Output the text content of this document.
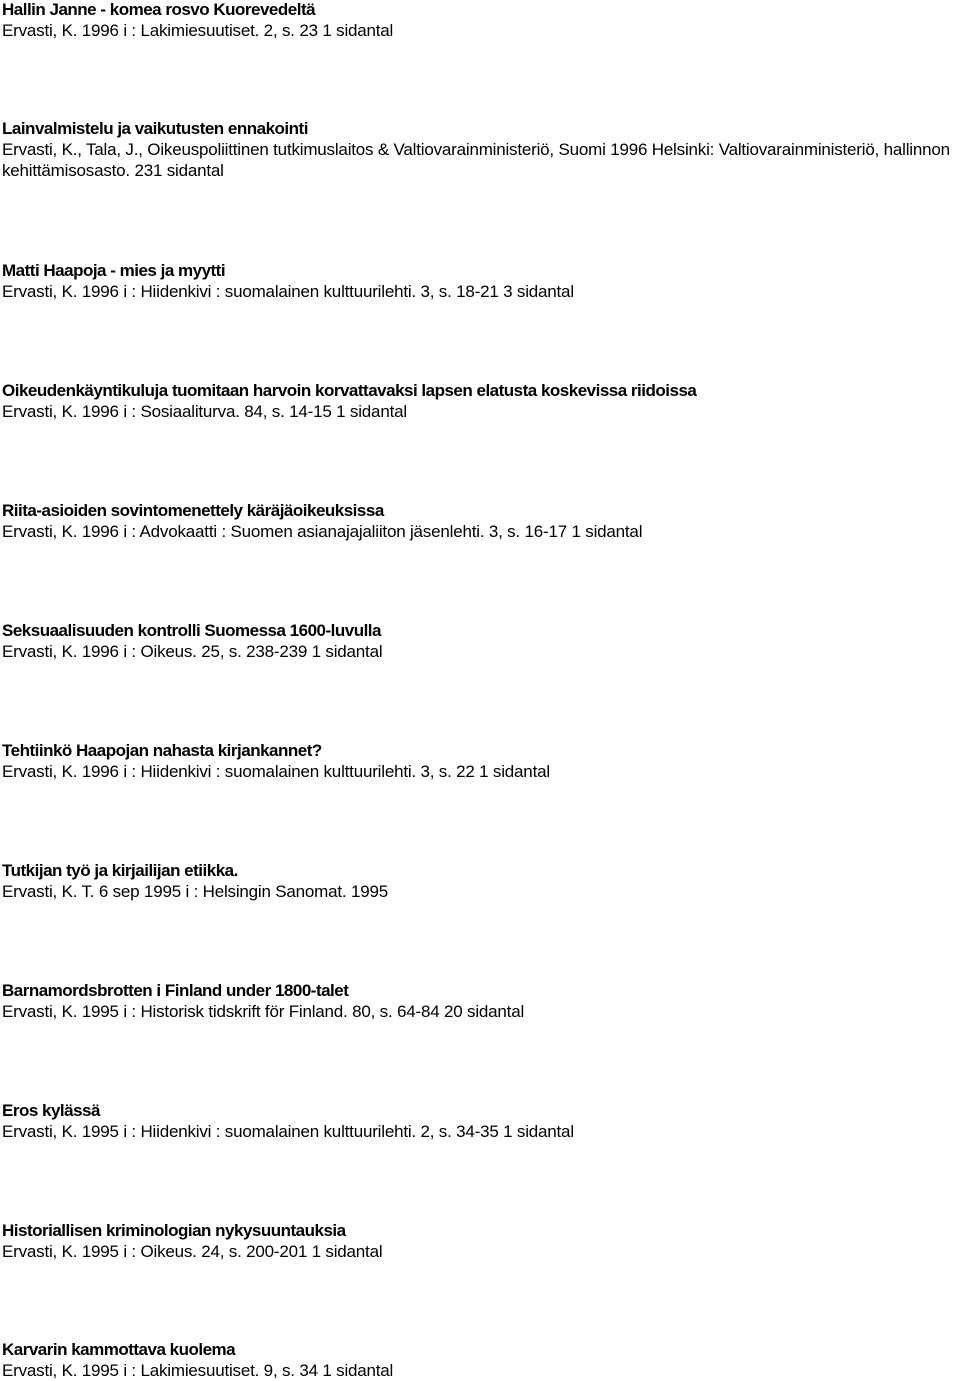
Hallin Janne - komea rosvo Kuorevedeltä
Ervasti, K. 1996 i : Lakimiesuutiset. 2, s. 23 1 sidantal
Lainvalmistelu ja vaikutusten ennakointi
Ervasti, K., Tala, J., Oikeuspoliittinen tutkimuslaitos & Valtiovarainministeriö, Suomi 1996 Helsinki: Valtiovarainministeriö, hallinnon kehittämisosasto. 231 sidantal
Matti Haapoja - mies ja myytti
Ervasti, K. 1996 i : Hiidenkivi : suomalainen kulttuurilehti. 3, s. 18-21 3 sidantal
Oikeudenkäyntikuluja tuomitaan harvoin korvattavaksi lapsen elatusta koskevissa riidoissa
Ervasti, K. 1996 i : Sosiaaliturva. 84, s. 14-15 1 sidantal
Riita-asioiden sovintomenettely käräjäoikeuksissa
Ervasti, K. 1996 i : Advokaatti : Suomen asianajajaliiton jäsenlehti. 3, s. 16-17 1 sidantal
Seksuaalisuuden kontrolli Suomessa 1600-luvulla
Ervasti, K. 1996 i : Oikeus. 25, s. 238-239 1 sidantal
Tehtiinkö Haapojan nahasta kirjankannet?
Ervasti, K. 1996 i : Hiidenkivi : suomalainen kulttuurilehti. 3, s. 22 1 sidantal
Tutkijan työ ja kirjailijan etiikka.
Ervasti, K. T. 6 sep 1995 i : Helsingin Sanomat. 1995
Barnamordsbrotten i Finland under 1800-talet
Ervasti, K. 1995 i : Historisk tidskrift för Finland. 80, s. 64-84 20 sidantal
Eros kylässä
Ervasti, K. 1995 i : Hiidenkivi : suomalainen kulttuurilehti. 2, s. 34-35 1 sidantal
Historiallisen kriminologian nykysuuntauksia
Ervasti, K. 1995 i : Oikeus. 24, s. 200-201 1 sidantal
Karvarin kammottava kuolema
Ervasti, K. 1995 i : Lakimiesuutiset. 9, s. 34 1 sidantal
